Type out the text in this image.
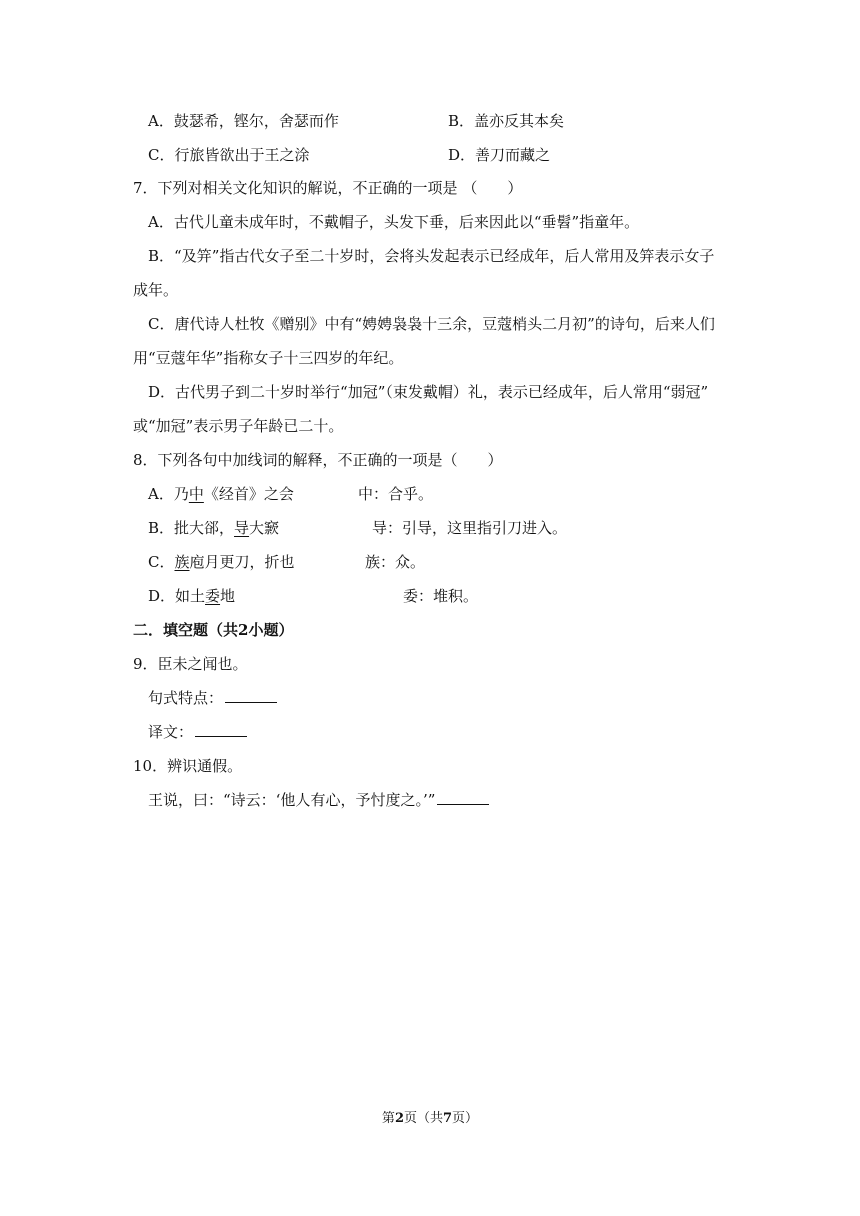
A．鼓瑟希，铿尔，舍瑟而作	B．盖亦反其本矣
C．行旅皆欲出于王之涂	D．善刀而藏之
7．下列对相关文化知识的解说，不正确的一项是 （　　）
A．古代儿童未成年时，不戴帽子，头发下垂，后来因此以“垂髫”指童年。
B．“及笄”指古代女子至二十岁时，会将头发起表示已经成年，后人常用及笄表示女子
成年。
C．唐代诗人杜牧《赠别》中有“娉娉袅袅十三余，豆蔻梢头二月初”的诗句，后来人们
用“豆蔻年华”指称女子十三四岁的年纪。
D．古代男子到二十岁时举行“加冠”（束发戴帽）礼，表示已经成年，后人常用“弱冠”
或“加冠”表示男子年龄已二十。
8．下列各句中加线词的解释，不正确的一项是（　　）
A．乃中《经首》之会	中：合乎。
B．批大郤，导大窾	导：引导，这里指引刀进入。
C．族庖月更刀，折也	族：众。
D．如土委地	委：堆积。
二．填空题（共2小题）
9．臣未之闻也。
句式特点：
译文：
10．辨识通假。
王说，曰：“诗云：‘他人有心，予忖度之。’”
第2页（共7页）
